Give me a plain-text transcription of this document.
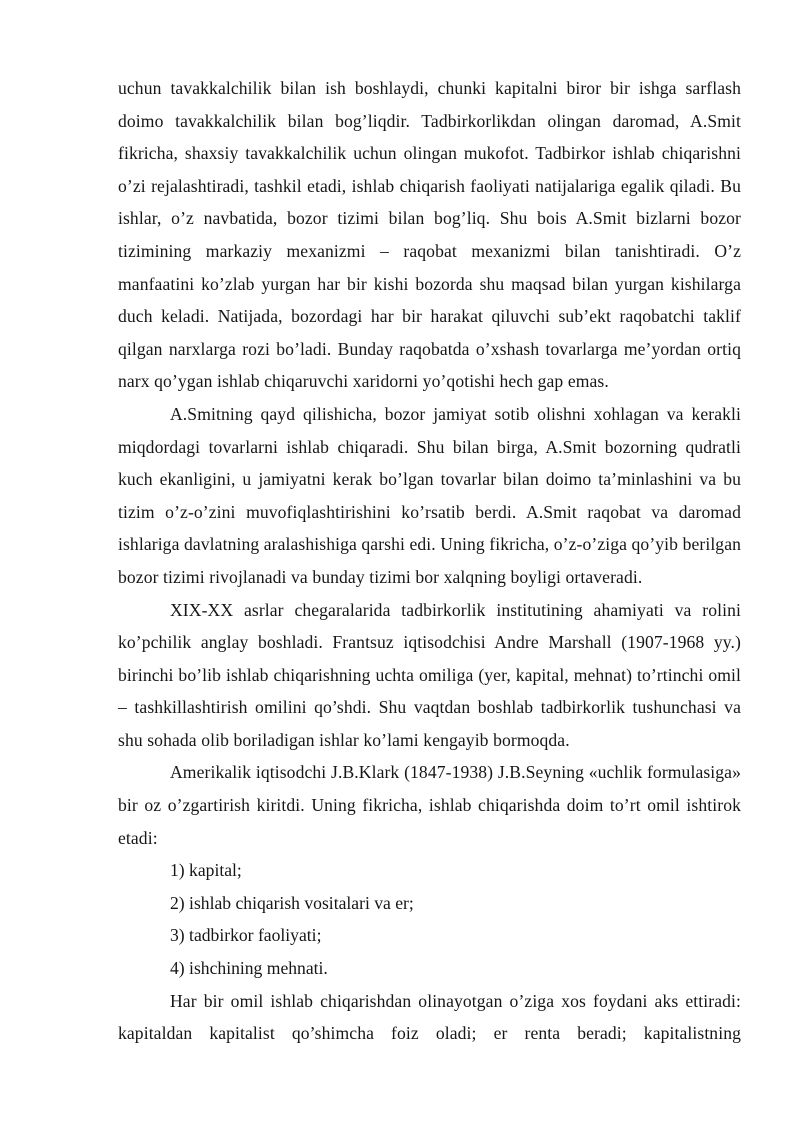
uchun tavakkalchilik bilan ish boshlaydi, chunki kapitalni biror bir ishga sarflash doimo tavakkalchilik bilan bog’liqdir. Tadbirkorlikdan olingan daromad, A.Smit fikricha, shaxsiy tavakkalchilik uchun olingan mukofot. Tadbirkor ishlab chiqarishni o’zi rejalashtiradi, tashkil etadi, ishlab chiqarish faoliyati natijalariga egalik qiladi. Bu ishlar, o’z navbatida, bozor tizimi bilan bog’liq. Shu bois A.Smit bizlarni bozor tizimining markaziy mexanizmi – raqobat mexanizmi bilan tanishtiradi. O’z manfaatini ko’zlab yurgan har bir kishi bozorda shu maqsad bilan yurgan kishilarga duch keladi. Natijada, bozordagi har bir harakat qiluvchi sub’ekt raqobatchi taklif qilgan narxlarga rozi bo’ladi. Bunday raqobatda o’xshash tovarlarga me’yordan ortiq narx qo’ygan ishlab chiqaruvchi xaridorni yo’qotishi hech gap emas.

A.Smitning qayd qilishicha, bozor jamiyat sotib olishni xohlagan va kerakli miqdordagi tovarlarni ishlab chiqaradi. Shu bilan birga, A.Smit bozorning qudratli kuch ekanligini, u jamiyatni kerak bo’lgan tovarlar bilan doimo ta’minlashini va bu tizim o’z-o’zini muvofiqlashtirishini ko’rsatib berdi. A.Smit raqobat va daromad ishlariga davlatning aralashishiga qarshi edi. Uning fikricha, o’z-o’ziga qo’yib berilgan bozor tizimi rivojlanadi va bunday tizimi bor xalqning boyligi ortaveradi.

XIX-XX asrlar chegaralarida tadbirkorlik institutining ahamiyati va rolini ko’pchilik anglay boshladi. Frantsuz iqtisodchisi Andre Marshall (1907-1968 yy.) birinchi bo’lib ishlab chiqarishning uchta omiliga (yer, kapital, mehnat) to’rtinchi omil – tashkillashtirish omilini qo’shdi. Shu vaqtdan boshlab tadbirkorlik tushunchasi va shu sohada olib boriladigan ishlar ko’lami kengayib bormoqda.

Amerikalik iqtisodchi J.B.Klark (1847-1938) J.B.Seyning «uchlik formulasiga» bir oz o’zgartirish kiritdi. Uning fikricha, ishlab chiqarishda doim to’rt omil ishtirok etadi:

1) kapital;

2) ishlab chiqarish vositalari va er;

3) tadbirkor faoliyati;

4) ishchining mehnati.

Har bir omil ishlab chiqarishdan olinayotgan o’ziga xos foydani aks ettiradi: kapitaldan kapitalist qo’shimcha foiz oladi; er renta beradi; kapitalistning
